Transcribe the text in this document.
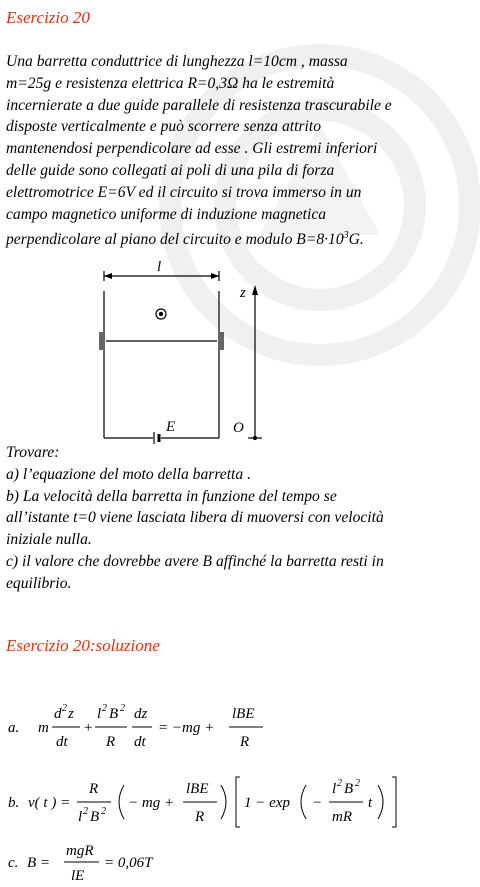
Esercizio 20
Una barretta conduttrice di lunghezza l=10cm , massa
m=25g e resistenza elettrica R=0,3Ω ha le estremità
incernierate a due guide parallele di resistenza trascurabile e
disposte verticalmente e può scorrere senza attrito
mantenendosi perpendicolare ad esse . Gli estremi inferiori
delle guide sono collegati ai poli di una pila di forza
elettromotrice E=6V ed il circuito si trova immerso in un
campo magnetico uniforme di induzione magnetica
perpendicolare al piano del circuito e modulo $B=8\cdot 10^3G$.
l
z
E	O
Trovare:
a) l’equazione del moto della barretta .
b) La velocità della barretta in funzione del tempo se
all’istante t=0 viene lasciata libera di muoversi con velocità
iniziale nulla.
c) il valore che dovrebbe avere B affinché la barretta resti in
equilibrio.
Esercizio 20:soluzione
a. m
d 2 z
dt
+
l 2 B 2
R
dz
dt
= −mg +
lBE
R
b. v( t ) =
R
l 2 B 2
− mg +
lBE
R
1 − exp −
l 2 B 2
mR
t
c. B =
mgR
lE
= 0,06T
